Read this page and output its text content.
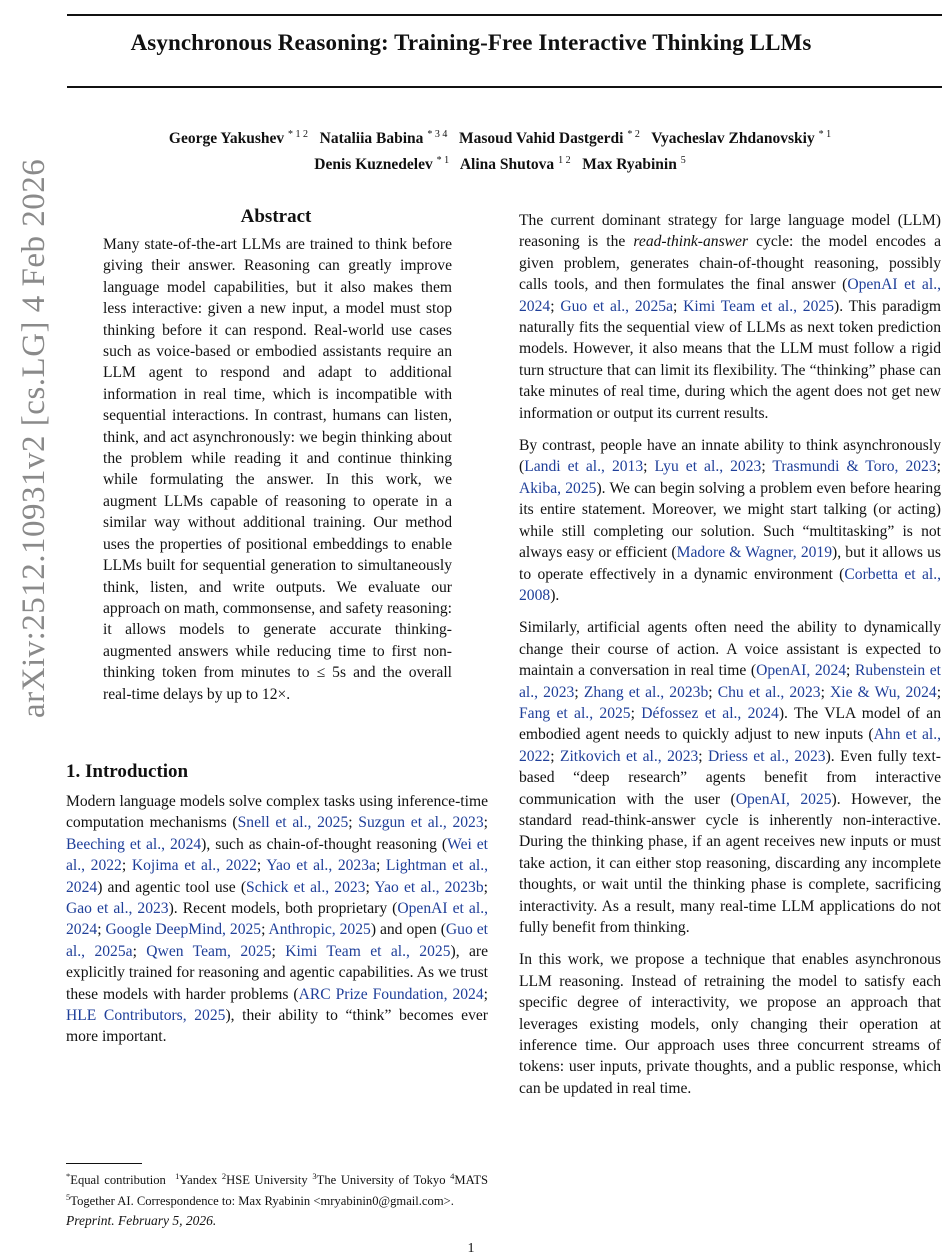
Asynchronous Reasoning: Training-Free Interactive Thinking LLMs
George Yakushev $^{* 1 2}$ Nataliia Babina $^{* 3 4}$ Masoud Vahid Dastgerdi $^{* 2}$ Vyacheslav Zhdanovskiy $^{* 1}$
Denis Kuznedelev $^{* 1}$ Alina Shutova $^{1 2}$ Max Ryabinin $^5$
arXiv:2512.10931v2 [cs.LG] 4 Feb 2026	Abstract
Many state-of-the-art LLMs are trained to think before giving their answer. Reasoning can greatly improve language model capabilities, but it also makes them less interactive: given a new input, a model must stop thinking before it can respond. Real-world use cases such as voice-based or embodied assistants require an LLM agent to respond and adapt to additional information in real time, which is incompatible with sequential interactions. In contrast, humans can listen, think, and act asynchronously: we begin thinking about the problem while reading it and continue thinking while formulating the answer. In this work, we augment LLMs capable of reasoning to operate in a similar way without additional training. Our method uses the properties of positional embeddings to enable LLMs built for sequential generation to simultaneously think, listen, and write outputs. We evaluate our approach on math, commonsense, and safety reasoning: it allows models to generate accurate thinking-augmented answers while reducing time to first non-thinking token from minutes to ≤ 5s and the overall real-time delays by up to 12×.
1. Introduction
Modern language models solve complex tasks using inference-time computation mechanisms (Snell et al., 2025; Suzgun et al., 2023; Beeching et al., 2024), such as chain-of-thought reasoning (Wei et al., 2022; Kojima et al., 2022; Yao et al., 2023a; Lightman et al., 2024) and agentic tool use (Schick et al., 2023; Yao et al., 2023b; Gao et al., 2023). Recent models, both proprietary (OpenAI et al., 2024; Google DeepMind, 2025; Anthropic, 2025) and open (Guo et al., 2025a; Qwen Team, 2025; Kimi Team et al., 2025), are explicitly trained for reasoning and agentic capabilities. As we trust these models with harder problems (ARC Prize Foundation, 2024; HLE Contributors, 2025), their ability to “think” becomes ever more important.
*Equal contribution $^1$Yandex $^2$HSE University $^3$The University of Tokyo $^4$MATS $^5$Together AI. Correspondence to: Max Ryabinin <mryabinin0@gmail.com>.
Preprint. February 5, 2026.
1

The current dominant strategy for large language model (LLM) reasoning is the read-think-answer cycle: the model encodes a given problem, generates chain-of-thought reasoning, possibly calls tools, and then formulates the final answer (OpenAI et al., 2024; Guo et al., 2025a; Kimi Team et al., 2025). This paradigm naturally fits the sequential view of LLMs as next token prediction models. However, it also means that the LLM must follow a rigid turn structure that can limit its flexibility. The “thinking” phase can take minutes of real time, during which the agent does not get new information or output its current results.

By contrast, people have an innate ability to think asynchronously (Landi et al., 2013; Lyu et al., 2023; Trasmundi & Toro, 2023; Akiba, 2025). We can begin solving a problem even before hearing its entire statement. Moreover, we might start talking (or acting) while still completing our solution. Such “multitasking” is not always easy or efficient (Madore & Wagner, 2019), but it allows us to operate effectively in a dynamic environment (Corbetta et al., 2008).

Similarly, artificial agents often need the ability to dynamically change their course of action. A voice assistant is expected to maintain a conversation in real time (OpenAI, 2024; Rubenstein et al., 2023; Zhang et al., 2023b; Chu et al., 2023; Xie & Wu, 2024; Fang et al., 2025; Défossez et al., 2024). The VLA model of an embodied agent needs to quickly adjust to new inputs (Ahn et al., 2022; Zitkovich et al., 2023; Driess et al., 2023). Even fully text-based “deep research” agents benefit from interactive communication with the user (OpenAI, 2025). However, the standard read-think-answer cycle is inherently non-interactive. During the thinking phase, if an agent receives new inputs or must take action, it can either stop reasoning, discarding any incomplete thoughts, or wait until the thinking phase is complete, sacrificing interactivity. As a result, many real-time LLM applications do not fully benefit from thinking.

In this work, we propose a technique that enables asynchronous LLM reasoning. Instead of retraining the model to satisfy each specific degree of interactivity, we propose an approach that leverages existing models, only changing their operation at inference time. Our approach uses three concurrent streams of tokens: user inputs, private thoughts, and a public response, which can be updated in real time.
